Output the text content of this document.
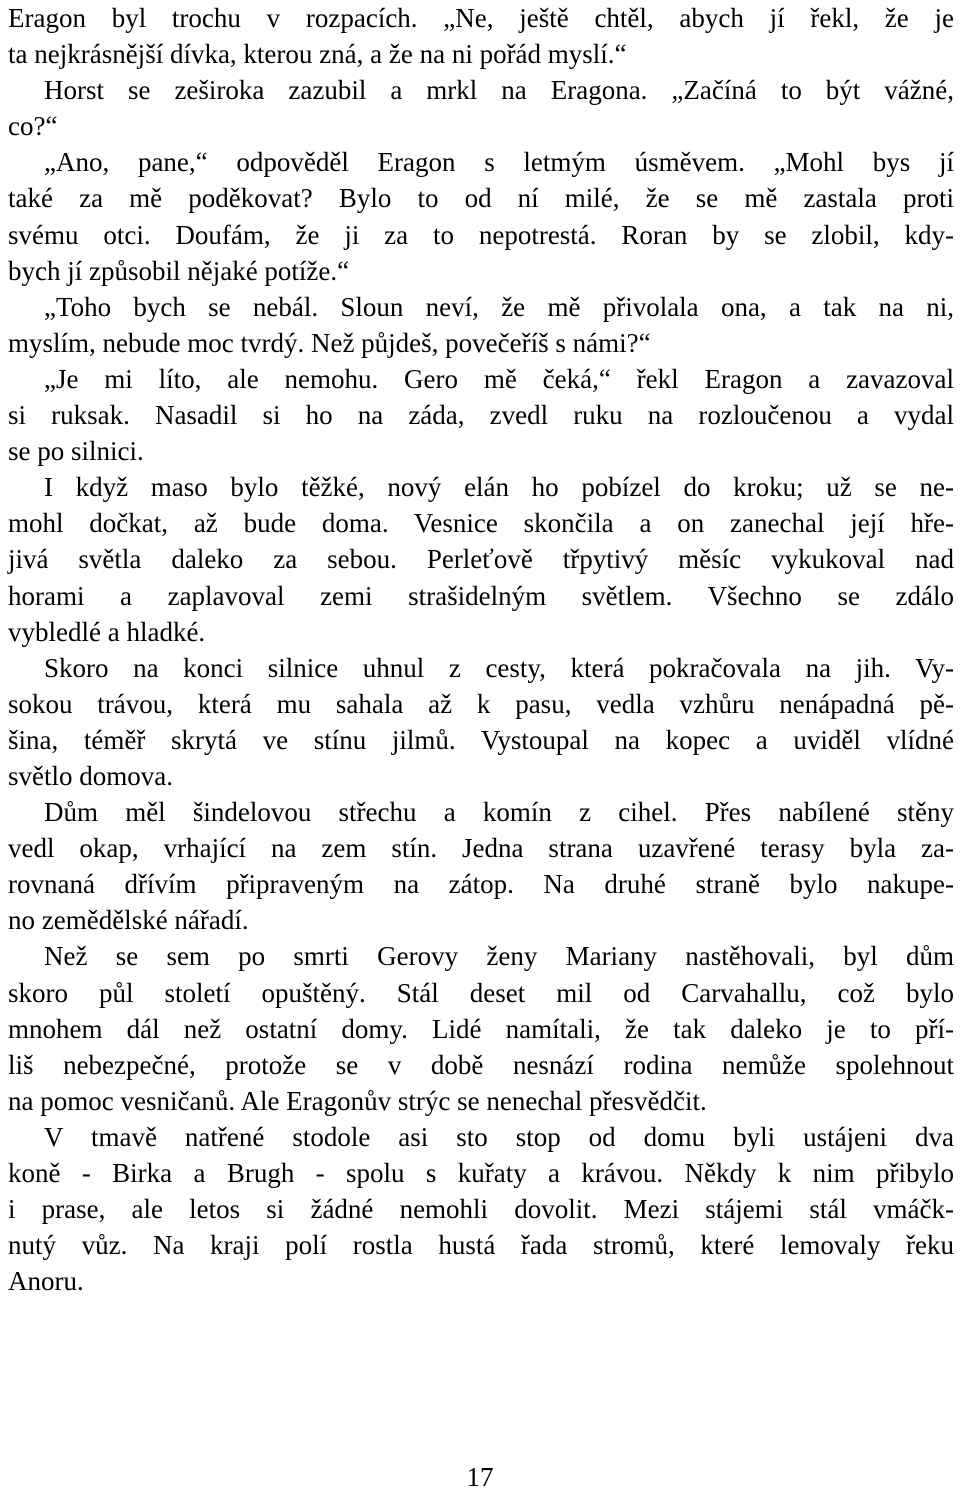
Eragon byl trochu v rozpacích. „Ne, ještě chtěl, abych jí řekl, že je
ta nejkrásnější dívka, kterou zná, a že na ni pořád myslí.“
Horst se zeširoka zazubil a mrkl na Eragona. „Začíná to být vážné,
co?“
„Ano, pane,“ odpověděl Eragon s letmým úsměvem. „Mohl bys jí
také za mě poděkovat? Bylo to od ní milé, že se mě zastala proti
svému otci. Doufám, že ji za to nepotrestá. Roran by se zlobil, kdy-
bych jí způsobil nějaké potíže.“
„Toho bych se nebál. Sloun neví, že mě přivolala ona, a tak na ni,
myslím, nebude moc tvrdý. Než půjdeš, povečeříš s námi?“
„Je mi líto, ale nemohu. Gero mě čeká,“ řekl Eragon a zavazoval
si ruksak. Nasadil si ho na záda, zvedl ruku na rozloučenou a vydal
se po silnici.
I když maso bylo těžké, nový elán ho pobízel do kroku; už se ne-
mohl dočkat, až bude doma. Vesnice skončila a on zanechal její hře-
jivá světla daleko za sebou. Perleťově třpytivý měsíc vykukoval nad
horami a zaplavoval zemi strašidelným světlem. Všechno se zdálo
vybledlé a hladké.
Skoro na konci silnice uhnul z cesty, která pokračovala na jih. Vy-
sokou trávou, která mu sahala až k pasu, vedla vzhůru nenápadná pě-
šina, téměř skrytá ve stínu jilmů. Vystoupal na kopec a uviděl vlídné
světlo domova.
Dům měl šindelovou střechu a komín z cihel. Přes nabílené stěny
vedl okap, vrhající na zem stín. Jedna strana uzavřené terasy byla za-
rovnaná dřívím připraveným na zátop. Na druhé straně bylo nakupe-
no zemědělské nářadí.
Než se sem po smrti Gerovy ženy Mariany nastěhovali, byl dům
skoro půl století opuštěný. Stál deset mil od Carvahallu, což bylo
mnohem dál než ostatní domy. Lidé namítali, že tak daleko je to pří-
liš nebezpečné, protože se v době nesnází rodina nemůže spolehnout
na pomoc vesničanů. Ale Eragonův strýc se nenechal přesvědčit.
V tmavě natřené stodole asi sto stop od domu byli ustájeni dva
koně - Birka a Brugh - spolu s kuřaty a krávou. Někdy k nim přibylo
i prase, ale letos si žádné nemohli dovolit. Mezi stájemi stál vmáčk-
nutý vůz. Na kraji polí rostla hustá řada stromů, které lemovaly řeku
Anoru.
17
